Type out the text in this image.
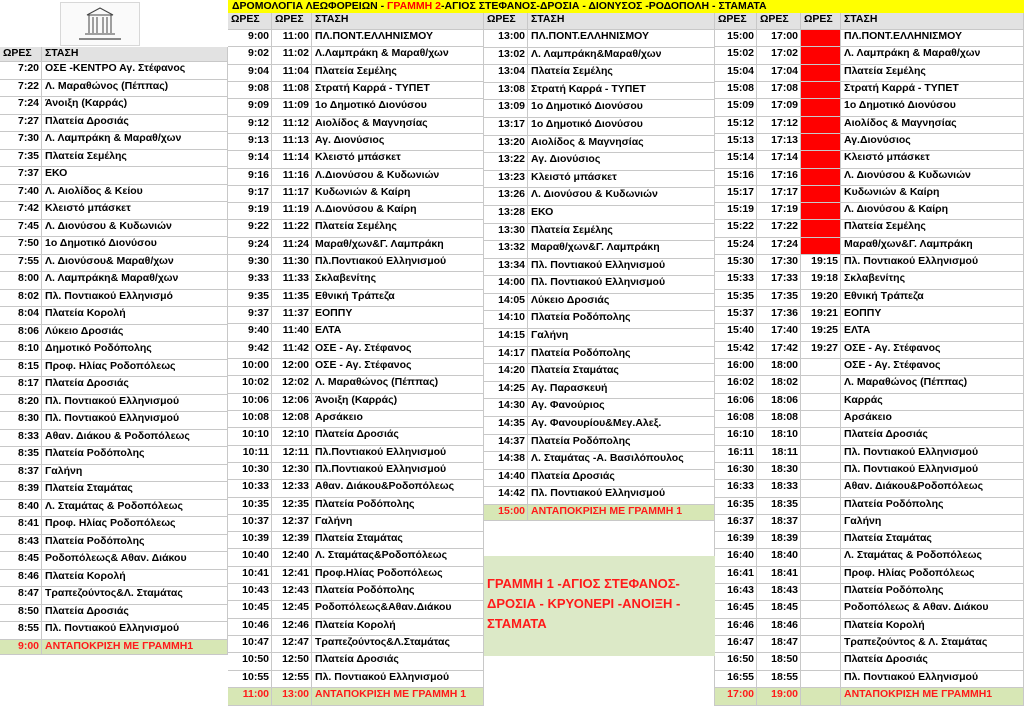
ΔΡΟΜΟΛΟΓΙΑ ΛΕΩΦΟΡΕΙΩΝ - ΓΡΑΜΜΗ 2-ΑΓΙΟΣ ΣΤΕΦΑΝΟΣ-ΔΡΟΣΙΑ - ΔΙΟΝΥΣΟΣ -ΡΟΔΟΠΟΛΗ - ΣΤΑΜΑΤΑ
ΩΡΕΣ	ΣΤΑΣΗ
7:20 ΟΣΕ -ΚΕΝΤΡΟ Αγ. Στέφανος
7:22 Λ. Μαραθώνος (Πέππας)
7:24 Άνοιξη (Καρράς)
7:27 Πλατεία Δροσιάς
7:30 Λ. Λαμπράκη & Μαραθ/χων
7:35 Πλατεία Σεμέλης
7:37 ΕΚΟ
7:40 Λ. Αιολίδος & Κείου
7:42 Κλειστό μπάσκετ
7:45 Λ. Διονύσου & Κυδωνιών
7:50 1ο Δημοτικό Διονύσου
7:55 Λ. Διονύσου& Μαραθ/χων
8:00 Λ. Λαμπράκη& Μαραθ/χων
8:02 Πλ. Ποντιακού Ελληνισμό
8:04 Πλατεία Κορολή
8:06 Λύκειο Δροσιάς
8:10 Δημοτικό Ροδόπολης
8:15 Προφ. Ηλίας Ροδοπόλεως
8:17 Πλατεία Δροσιάς
8:20 Πλ. Ποντιακού Ελληνισμού
8:30 Πλ. Ποντιακού Ελληνισμού
8:33 Αθαν. Διάκου & Ροδοπόλεως
8:35 Πλατεία Ροδόπολης
8:37 Γαλήνη
8:39 Πλατεία Σταμάτας
8:40 Λ. Σταμάτας & Ροδοπόλεως
8:41 Προφ. Ηλίας Ροδοπόλεως
8:43 Πλατεία Ροδόπολης
8:45 Ροδοπόλεως& Αθαν. Διάκου
8:46 Πλατεία Κορολή
8:47 Τραπεζούντος&Λ. Σταμάτας
8:50 Πλατεία Δροσιάς
8:55 Πλ. Ποντιακού Ελληνισμού
9:00 ΑΝΤΑΠΟΚΡΙΣΗ ΜΕ ΓΡΑΜΜΗ1
ΩΡΕΣ	ΩΡΕΣ	ΣΤΑΣΗ
9:00	11:00 ΠΛ.ΠΟΝΤ.ΕΛΛΗΝΙΣΜΟΥ
9:02	11:02 Λ.Λαμπράκη & Μαραθ/χων
9:04	11:04 Πλατεία Σεμέλης
9:08	11:08 Στρατή Καρρά - ΤΥΠΕΤ
9:09	11:09 1ο Δημοτικό Διονύσου
9:12	11:12 Αιολίδος & Μαγνησίας
9:13	11:13 Αγ. Διονύσιος
9:14	11:14 Κλειστό μπάσκετ
9:16	11:16 Λ.Διονύσου & Κυδωνιών
9:17	11:17 Κυδωνιών & Καίρη
9:19	11:19 Λ.Διονύσου & Καίρη
9:22	11:22 Πλατεία Σεμέλης
9:24	11:24 Μαραθ/χων&Γ. Λαμπράκη
9:30	11:30 Πλ.Ποντιακού Ελληνισμού
9:33	11:33 Σκλαβενίτης
9:35	11:35 Εθνική Τράπεζα
9:37	11:37 ΕΟΠΠΥ
9:40	11:40 ΕΛΤΑ
9:42	11:42 ΟΣΕ - Αγ. Στέφανος
10:00	12:00 ΟΣΕ - Αγ. Στέφανος
10:02	12:02 Λ. Μαραθώνος (Πέππας)
10:06	12:06 Άνοιξη (Καρράς)
10:08	12:08 Αρσάκειο
10:10	12:10 Πλατεία Δροσιάς
10:11	12:11 Πλ.Ποντιακού Ελληνισμού
10:30	12:30 Πλ.Ποντιακού Ελληνισμού
10:33	12:33 Αθαν. Διάκου&Ροδοπόλεως
10:35	12:35 Πλατεία Ροδόπολης
10:37	12:37 Γαλήνη
10:39	12:39 Πλατεία Σταμάτας
10:40	12:40 Λ. Σταμάτας&Ροδοπόλεως
10:41	12:41 Προφ.Ηλίας Ροδοπόλεως
10:43	12:43 Πλατεία Ροδόπολης
10:45	12:45 Ροδοπόλεως&Αθαν.Διάκου
10:46	12:46 Πλατεία Κορολή
10:47	12:47 Τραπεζούντος&Λ.Σταμάτας
10:50	12:50 Πλατεία Δροσιάς
10:55	12:55 Πλ. Ποντιακού Ελληνισμού
11:00	13:00 ΑΝΤΑΠΟΚΡΙΣΗ ΜΕ ΓΡΑΜΜΗ 1
ΩΡΕΣ	ΣΤΑΣΗ
13:00 ΠΛ.ΠΟΝΤ.ΕΛΛΗΝΙΣΜΟΥ
13:02 Λ. Λαμπράκη&Μαραθ/χων
13:04 Πλατεία Σεμέλης
13:08 Στρατή Καρρά - ΤΥΠΕΤ
13:09 1ο Δημοτικό Διονύσου
13:17 1ο Δημοτικό Διονύσου
13:20 Αιολίδος & Μαγνησίας
13:22 Αγ. Διονύσιος
13:23 Κλειστό μπάσκετ
13:26 Λ. Διονύσου & Κυδωνιών
13:28 ΕΚΟ
13:30 Πλατεία Σεμέλης
13:32 Μαραθ/χων&Γ. Λαμπράκη
13:34 Πλ. Ποντιακού Ελληνισμού
14:00 Πλ. Ποντιακού Ελληνισμού
14:05 Λύκειο Δροσιάς
14:10 Πλατεία Ροδόπολης
14:15 Γαλήνη
14:17 Πλατεία Ροδόπολης
14:20 Πλατεία Σταμάτας
14:25 Αγ. Παρασκευή
14:30 Αγ. Φανούριος
14:35 Αγ. Φανουρίου&Μεγ.Αλεξ.
14:37 Πλατεία Ροδόπολης
14:38 Λ. Σταμάτας -Α. Βασιλόπουλος
14:40 Πλατεία Δροσιάς
14:42 Πλ. Ποντιακού Ελληνισμού
15:00 ΑΝΤΑΠΟΚΡΙΣΗ ΜΕ ΓΡΑΜΜΗ 1
ΩΡΕΣ	ΩΡΕΣ	ΩΡΕΣ	ΣΤΑΣΗ
15:00	17:00	ΠΛ.ΠΟΝΤ.ΕΛΛΗΝΙΣΜΟΥ
15:02	17:02	Λ. Λαμπράκη & Μαραθ/χων
15:04	17:04	Πλατεία Σεμέλης
15:08	17:08	Στρατή Καρρά - ΤΥΠΕΤ
15:09	17:09	1ο Δημοτικό Διονύσου
15:12	17:12	Αιολίδος & Μαγνησίας
15:13	17:13	Αγ.Διονύσιος
15:14	17:14	Κλειστό μπάσκετ
15:16	17:16	Λ. Διονύσου & Κυδωνιών
15:17	17:17	Κυδωνιών & Καίρη
15:19	17:19	Λ. Διονύσου & Καίρη
15:22	17:22	Πλατεία Σεμέλης
15:24	17:24	Μαραθ/χων&Γ. Λαμπράκη
15:30	17:30	19:15 Πλ. Ποντιακού Ελληνισμού
15:33	17:33	19:18 Σκλαβενίτης
15:35	17:35	19:20 Εθνική Τράπεζα
15:37	17:36	19:21 ΕΟΠΠΥ
15:40	17:40	19:25 ΕΛΤΑ
15:42	17:42	19:27 ΟΣΕ - Αγ. Στέφανος
16:00	18:00	ΟΣΕ - Αγ. Στέφανος
16:02	18:02	Λ. Μαραθώνος (Πέππας)
16:06	18:06	Καρράς
16:08	18:08	Αρσάκειο
16:10	18:10	Πλατεία Δροσιάς
16:11	18:11	Πλ. Ποντιακού Ελληνισμού
16:30	18:30	Πλ. Ποντιακού Ελληνισμού
16:33	18:33	Αθαν. Διάκου&Ροδοπόλεως
16:35	18:35	Πλατεία Ροδόπολης
16:37	18:37	Γαλήνη
16:39	18:39	Πλατεία Σταμάτας
16:40	18:40	Λ. Σταμάτας & Ροδοπόλεως
16:41	18:41	Προφ. Ηλίας Ροδοπόλεως
16:43	18:43	Πλατεία Ροδόπολης
16:45	18:45	Ροδοπόλεως & Αθαν. Διάκου
16:46	18:46	Πλατεία Κορολή
16:47	18:47	Τραπεζούντος & Λ. Σταμάτας
16:50	18:50	Πλατεία Δροσιάς
16:55	18:55	Πλ. Ποντιακού Ελληνισμού
17:00	19:00	ΑΝΤΑΠΟΚΡΙΣΗ ΜΕ ΓΡΑΜΜΗ1
ΓΡΑΜΜΗ 1 -ΑΓΙΟΣ ΣΤΕΦΑΝΟΣ-ΔΡΟΣΙΑ - ΚΡΥΟΝΕΡΙ -ΑΝΟΙΞΗ - ΣΤΑΜΑΤΑ
